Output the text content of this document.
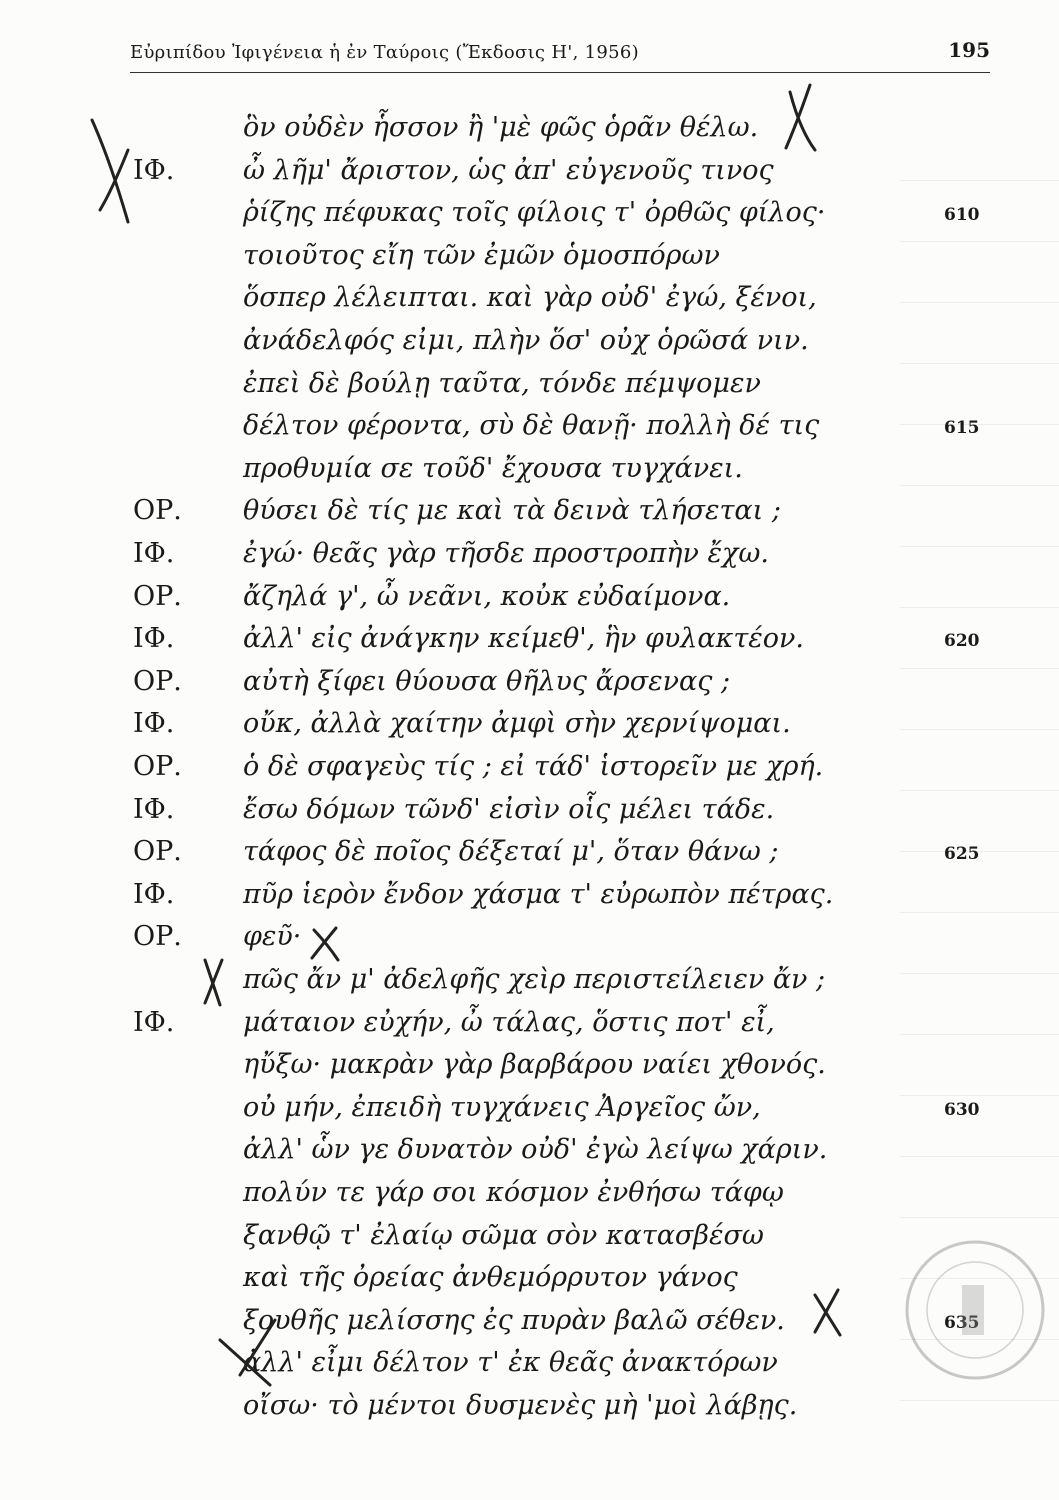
Εὐριπίδου Ἰφιγένεια ἡ ἐν Ταύροις (Ἔκδοσις Η', 1956)	195
ὃν οὐδὲν ἧσσον ἢ 'μὲ φῶς ὁρᾶν θέλω.
ΙΦ.	ὦ λῆμ' ἄριστον, ὡς ἀπ' εὐγενοῦς τινος
ῥίζης πέφυκας τοῖς φίλοις τ' ὀρθῶς φίλος·	610
τοιοῦτος εἴη τῶν ἐμῶν ὁμοσπόρων
ὅσπερ λέλειπται. καὶ γὰρ οὐδ' ἐγώ, ξένοι,
ἀνάδελφός εἰμι, πλὴν ὅσ' οὐχ ὁρῶσά νιν.
ἐπεὶ δὲ βούλῃ ταῦτα, τόνδε πέμψομεν
δέλτον φέροντα, σὺ δὲ θανῇ· πολλὴ δέ τις	615
προθυμία σε τοῦδ' ἔχουσα τυγχάνει.
ΟΡ. θύσει δὲ τίς με καὶ τὰ δεινὰ τλήσεται ;
ΙΦ.	ἐγώ· θεᾶς γὰρ τῆσδε προστροπὴν ἔχω.
ΟΡ. ἄζηλά γ', ὦ νεᾶνι, κοὐκ εὐδαίμονα.
ΙΦ.	ἀλλ' εἰς ἀνάγκην κείμεθ', ἣν φυλακτέον.	620
ΟΡ. αὐτὴ ξίφει θύουσα θῆλυς ἄρσενας ;
ΙΦ.	οὔκ, ἀλλὰ χαίτην ἀμφὶ σὴν χερνίψομαι.
ΟΡ. ὁ δὲ σφαγεὺς τίς ; εἰ τάδ' ἱστορεῖν με χρή.
ΙΦ.	ἔσω δόμων τῶνδ' εἰσὶν οἷς μέλει τάδε.
ΟΡ. τάφος δὲ ποῖος δέξεταί μ', ὅταν θάνω ;	625
ΙΦ.	πῦρ ἱερὸν ἔνδον χάσμα τ' εὐρωπὸν πέτρας.
ΟΡ. φεῦ·
πῶς ἄν μ' ἀδελφῆς χεὶρ περιστείλειεν ἄν ;
ΙΦ.	μάταιον εὐχήν, ὦ τάλας, ὅστις ποτ' εἶ,
ηὔξω· μακρὰν γὰρ βαρβάρου ναίει χθονός.
οὐ μήν, ἐπειδὴ τυγχάνεις Ἀργεῖος ὤν,	630
ἀλλ' ὧν γε δυνατὸν οὐδ' ἐγὼ λείψω χάριν.
πολύν τε γάρ σοι κόσμον ἐνθήσω τάφῳ
ξανθῷ τ' ἐλαίῳ σῶμα σὸν κατασβέσω
καὶ τῆς ὀρείας ἀνθεμόρρυτον γάνος
ξουθῆς μελίσσης ἐς πυρὰν βαλῶ σέθεν.	635
ἀλλ' εἶμι δέλτον τ' ἐκ θεᾶς ἀνακτόρων
οἴσω· τὸ μέντοι δυσμενὲς μὴ 'μοὶ λάβῃς.
